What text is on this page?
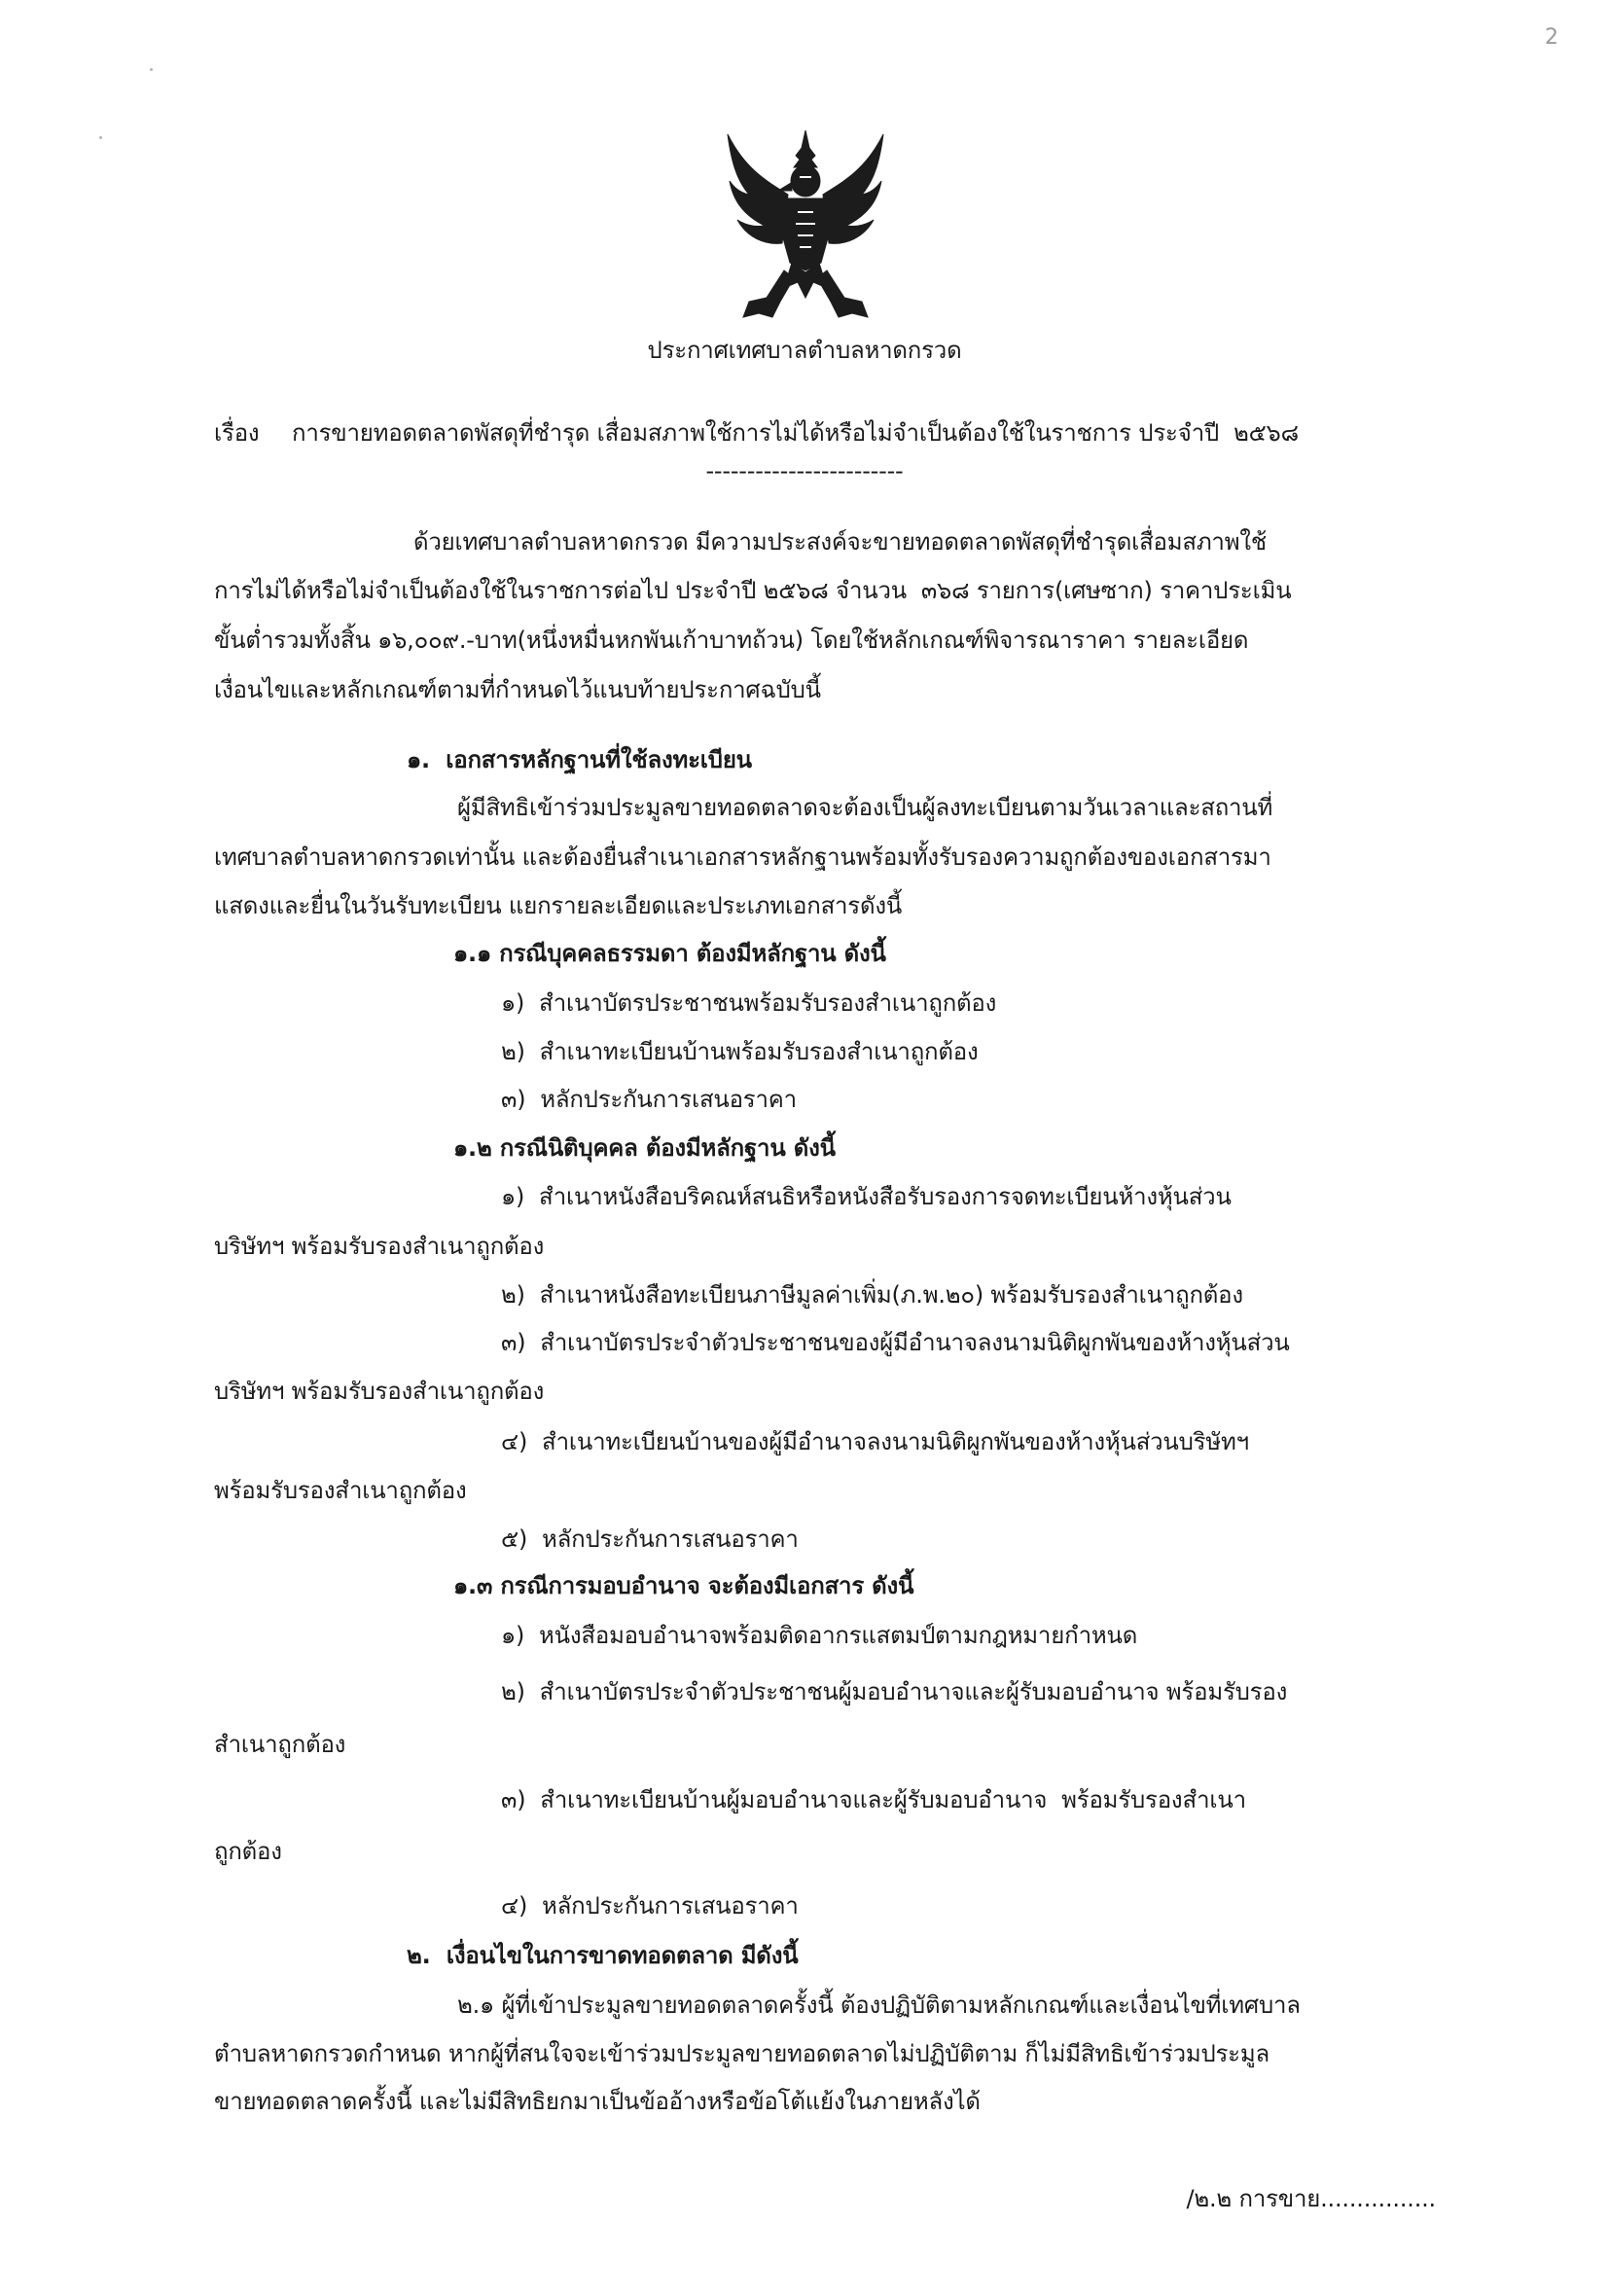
2
ประกาศเทศบาลตำบลหาดกรวด
เรื่อง การขายทอดตลาดพัสดุที่ชำรุด เสื่อมสภาพใช้การไม่ได้หรือไม่จำเป็นต้องใช้ในราชการ ประจำปี  ๒๕๖๘
------------------------
ด้วยเทศบาลตำบลหาดกรวด มีความประสงค์จะขายทอดตลาดพัสดุที่ชำรุดเสื่อมสภาพใช้
การไม่ได้หรือไม่จำเป็นต้องใช้ในราชการต่อไป ประจำปี ๒๕๖๘ จำนวน  ๓๖๘ รายการ(เศษซาก) ราคาประเมิน
ขั้นต่ำรวมทั้งสิ้น ๑๖,๐๐๙.-บาท(หนึ่งหมื่นหกพันเก้าบาทถ้วน) โดยใช้หลักเกณฑ์พิจารณาราคา รายละเอียด
เงื่อนไขและหลักเกณฑ์ตามที่กำหนดไว้แนบท้ายประกาศฉบับนี้
๑.  เอกสารหลักฐานที่ใช้ลงทะเบียน
ผู้มีสิทธิเข้าร่วมประมูลขายทอดตลาดจะต้องเป็นผู้ลงทะเบียนตามวันเวลาและสถานที่
เทศบาลตำบลหาดกรวดเท่านั้น และต้องยื่นสำเนาเอกสารหลักฐานพร้อมทั้งรับรองความถูกต้องของเอกสารมา
แสดงและยื่นในวันรับทะเบียน แยกรายละเอียดและประเภทเอกสารดังนี้
๑.๑ กรณีบุคคลธรรมดา ต้องมีหลักฐาน ดังนี้
๑)  สำเนาบัตรประชาชนพร้อมรับรองสำเนาถูกต้อง
๒)  สำเนาทะเบียนบ้านพร้อมรับรองสำเนาถูกต้อง
๓)  หลักประกันการเสนอราคา
๑.๒ กรณีนิติบุคคล ต้องมีหลักฐาน ดังนี้
๑)  สำเนาหนังสือบริคณห์สนธิหรือหนังสือรับรองการจดทะเบียนห้างหุ้นส่วน
บริษัทฯ พร้อมรับรองสำเนาถูกต้อง
๒)  สำเนาหนังสือทะเบียนภาษีมูลค่าเพิ่ม(ภ.พ.๒๐) พร้อมรับรองสำเนาถูกต้อง
๓)  สำเนาบัตรประจำตัวประชาชนของผู้มีอำนาจลงนามนิติผูกพันของห้างหุ้นส่วน
บริษัทฯ พร้อมรับรองสำเนาถูกต้อง
๔)  สำเนาทะเบียนบ้านของผู้มีอำนาจลงนามนิติผูกพันของห้างหุ้นส่วนบริษัทฯ
พร้อมรับรองสำเนาถูกต้อง
๕)  หลักประกันการเสนอราคา
๑.๓ กรณีการมอบอำนาจ จะต้องมีเอกสาร ดังนี้
๑)  หนังสือมอบอำนาจพร้อมติดอากรแสตมป์ตามกฎหมายกำหนด
๒)  สำเนาบัตรประจำตัวประชาชนผู้มอบอำนาจและผู้รับมอบอำนาจ พร้อมรับรอง
สำเนาถูกต้อง
๓)  สำเนาทะเบียนบ้านผู้มอบอำนาจและผู้รับมอบอำนาจ  พร้อมรับรองสำเนา
ถูกต้อง
๔)  หลักประกันการเสนอราคา
๒.  เงื่อนไขในการขาดทอดตลาด มีดังนี้
๒.๑ ผู้ที่เข้าประมูลขายทอดตลาดครั้งนี้ ต้องปฏิบัติตามหลักเกณฑ์และเงื่อนไขที่เทศบาล
ตำบลหาดกรวดกำหนด หากผู้ที่สนใจจะเข้าร่วมประมูลขายทอดตลาดไม่ปฏิบัติตาม ก็ไม่มีสิทธิเข้าร่วมประมูล
ขายทอดตลาดครั้งนี้ และไม่มีสิทธิยกมาเป็นข้ออ้างหรือข้อโต้แย้งในภายหลังได้
/๒.๒ การขาย................
